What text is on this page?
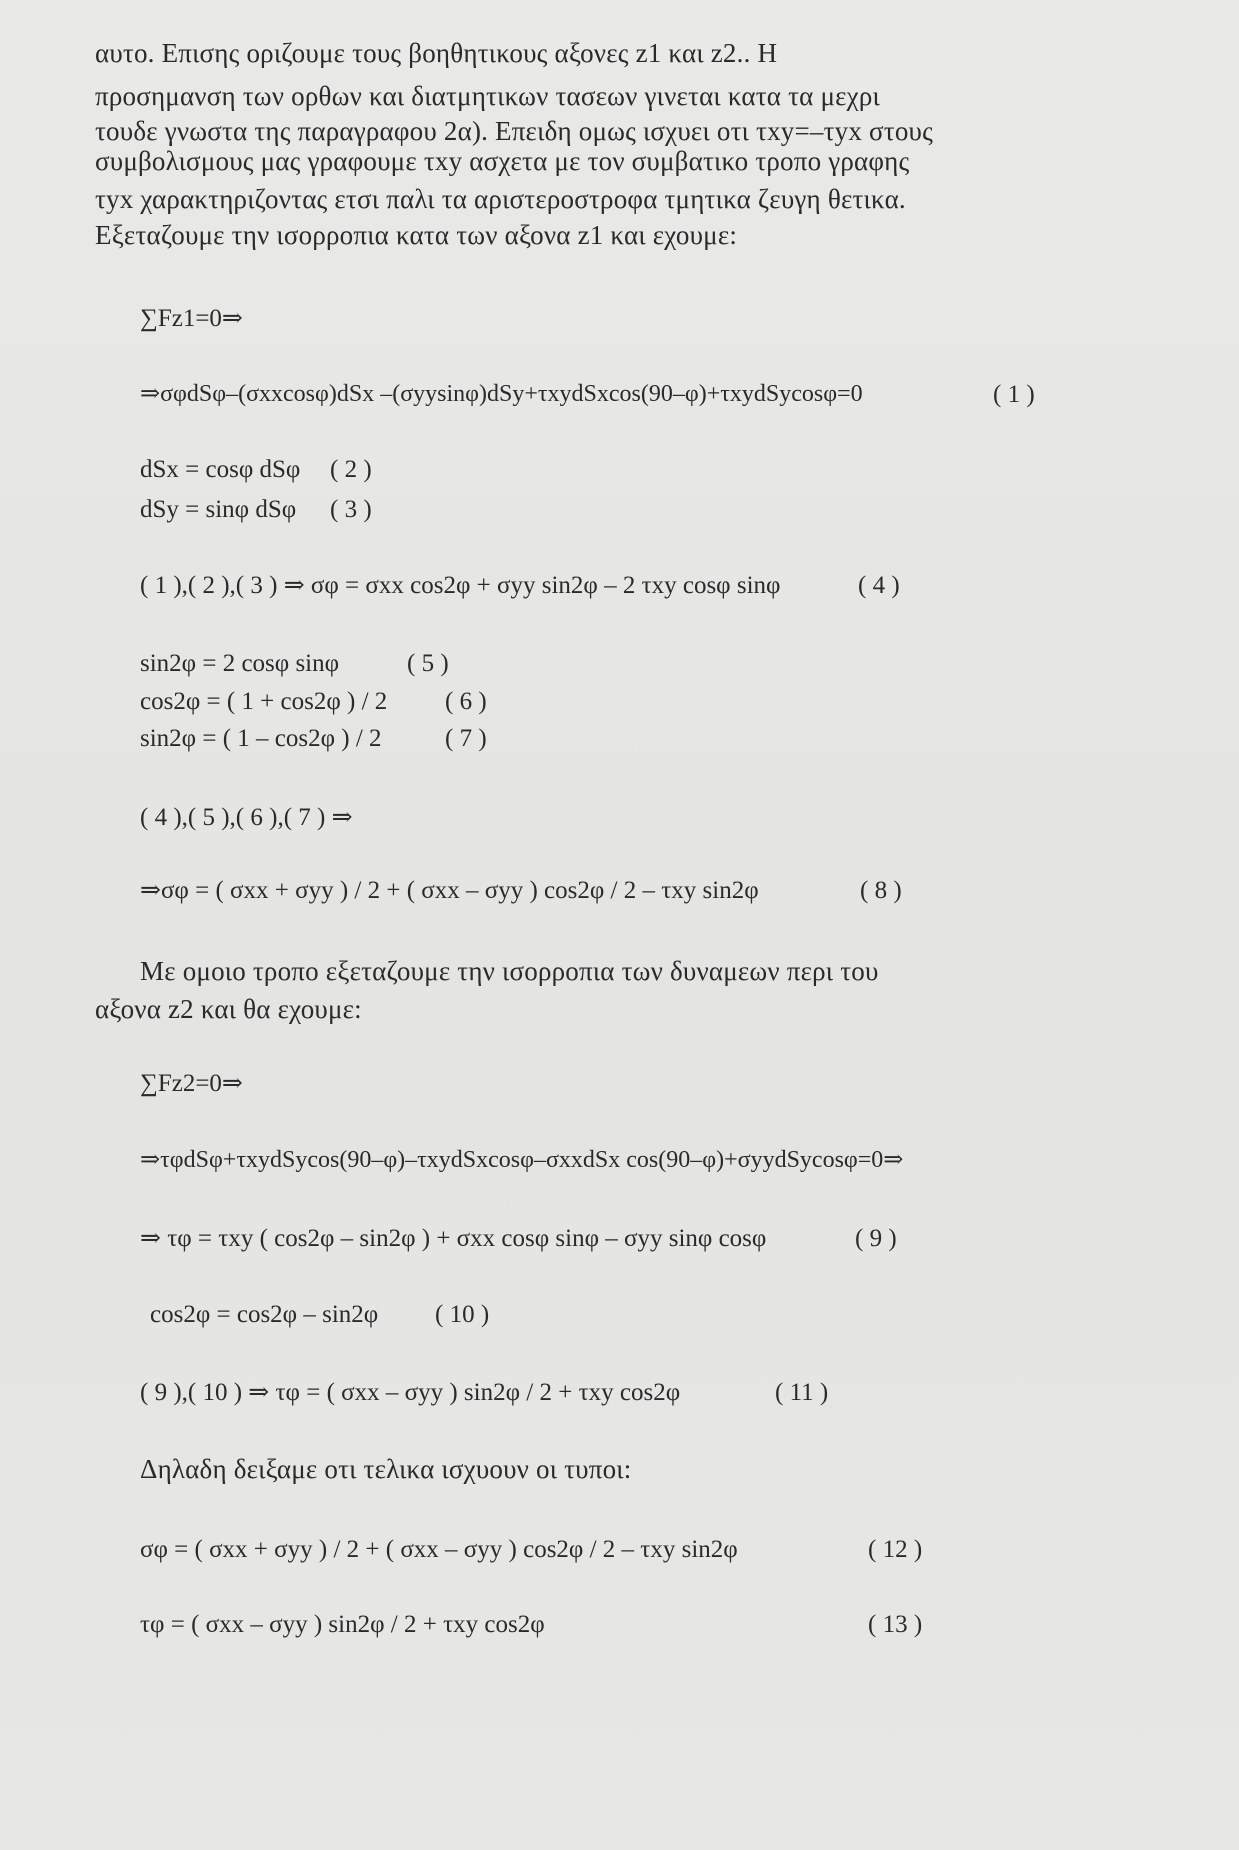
αυτο. Επισης οριζουμε τους βοηθητικους αξονες z1 και z2.. Η
προσημανση των ορθων και διατμητικων τασεων γινεται κατα τα μεχρι
τουδε γνωστα της παραγραφου 2α). Επειδη ομως ισχυει οτι τxy=–τyx στους
συμβολισμους μας γραφουμε τxy ασχετα με τον συμβατικο τροπο γραφης
τyx χαρακτηριζοντας ετσι παλι τα αριστεροστροφα τμητικα ζευγη θετικα.
Εξεταζουμε την ισορροπια κατα των αξονα z1 και εχουμε:
∑Fz1=0⇒
⇒σφdSφ–(σxxcosφ)dSx –(σyysinφ)dSy+τxydSxcos(90–φ)+τxydSycosφ=0	( 1 )
dSx = cosφ dSφ ( 2 )
dSy = sinφ dSφ ( 3 )
( 1 ),( 2 ),( 3 ) ⇒ σφ = σxx cos2φ + σyy sin2φ – 2 τxy cosφ sinφ	( 4 )
sin2φ = 2 cosφ sinφ	( 5 )
cos2φ = ( 1 + cos2φ ) / 2 ( 6 )
sin2φ = ( 1 – cos2φ ) / 2	( 7 )
( 4 ),( 5 ),( 6 ),( 7 ) ⇒
⇒σφ = ( σxx + σyy ) / 2 + ( σxx – σyy ) cos2φ / 2 – τxy sin2φ	( 8 )
Με ομοιο τροπο εξεταζουμε την ισορροπια των δυναμεων περι του
αξονα z2 και θα εχουμε:
∑Fz2=0⇒
⇒τφdSφ+τxydSycos(90–φ)–τxydSxcosφ–σxxdSx cos(90–φ)+σyydSycosφ=0⇒
⇒ τφ = τxy ( cos2φ – sin2φ ) + σxx cosφ sinφ – σyy sinφ cosφ	( 9 )
cos2φ = cos2φ – sin2φ ( 10 )
( 9 ),( 10 ) ⇒ τφ = ( σxx – σyy ) sin2φ / 2 + τxy cos2φ	( 11 )
Δηλαδη δειξαμε οτι τελικα ισχυουν οι τυποι:
σφ = ( σxx + σyy ) / 2 + ( σxx – σyy ) cos2φ / 2 – τxy sin2φ	( 12 )
τφ = ( σxx – σyy ) sin2φ / 2 + τxy cos2φ	( 13 )
